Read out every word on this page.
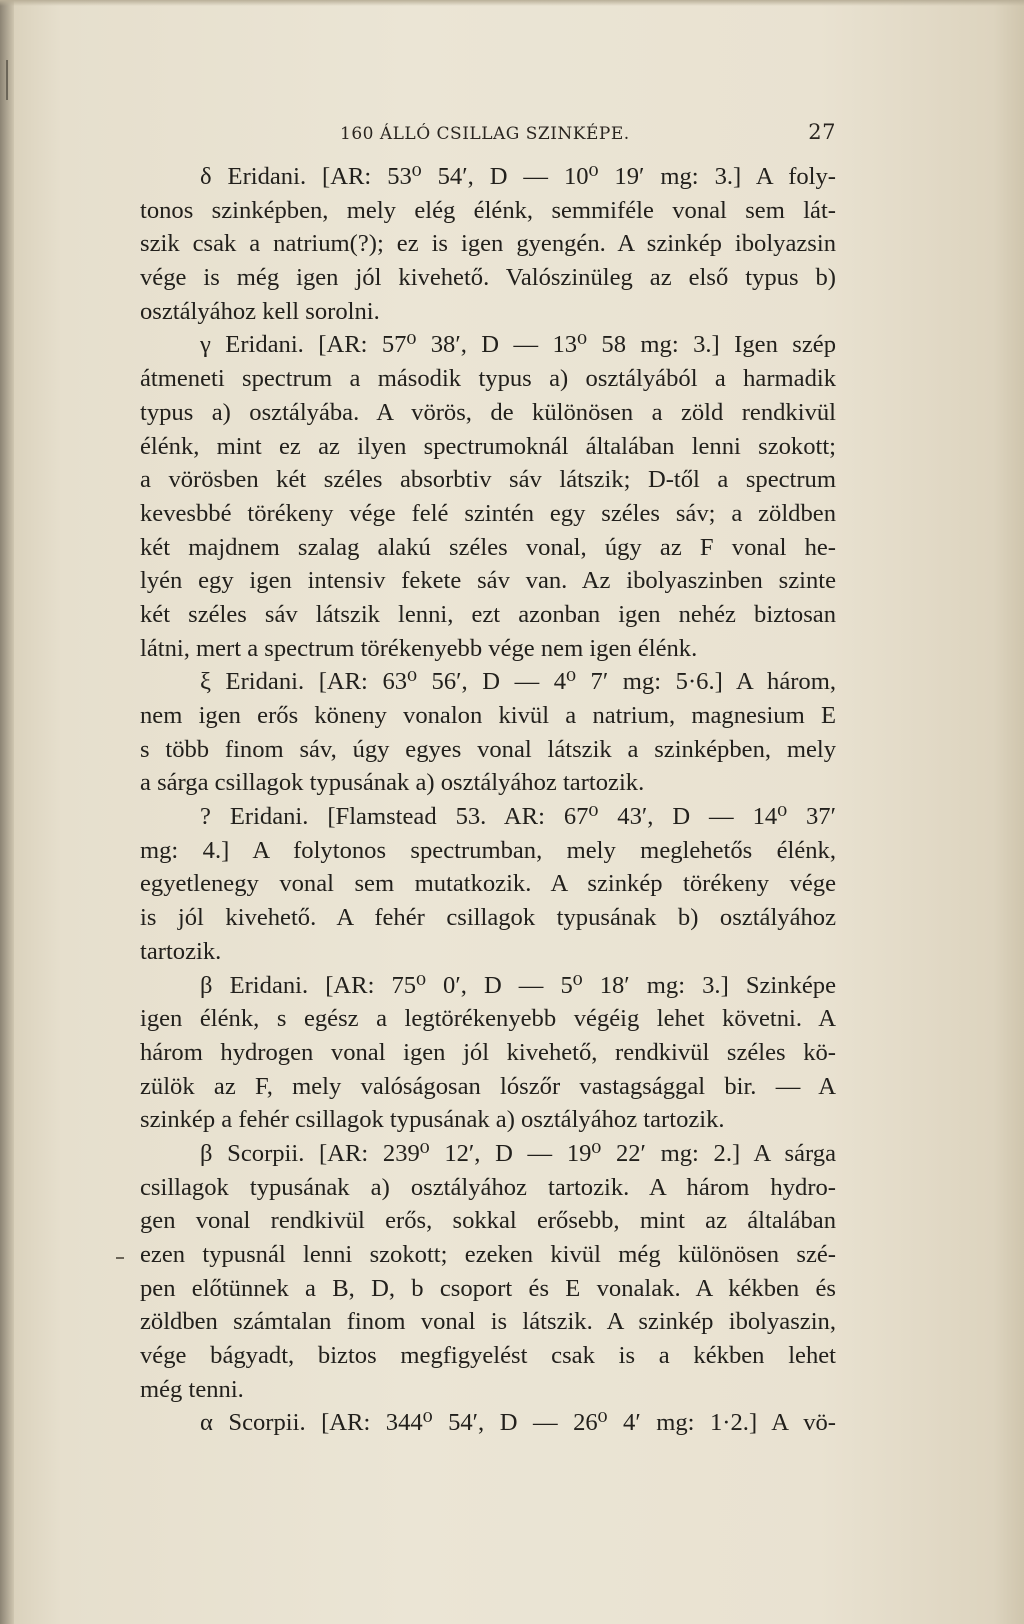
160 ÁLLÓ CSILLAG SZINKÉPE.	27
δ Eridani. [AR: 53⁰ 54′, D — 10⁰ 19′ mg: 3.] A foly-
tonos szinképben, mely elég élénk, semmiféle vonal sem lát-
szik csak a natrium(?); ez is igen gyengén. A szinkép ibolyazsin
vége is még igen jól kivehető. Valószinüleg az első typus b)
osztályához kell sorolni.
γ Eridani. [AR: 57⁰ 38′, D — 13⁰ 58 mg: 3.] Igen szép
átmeneti spectrum a második typus a) osztályából a harmadik
typus a) osztályába. A vörös, de különösen a zöld rendkivül
élénk, mint ez az ilyen spectrumoknál általában lenni szokott;
a vörösben két széles absorbtiv sáv látszik; D-től a spectrum
kevesbbé törékeny vége felé szintén egy széles sáv; a zöldben
két majdnem szalag alakú széles vonal, úgy az F vonal he-
lyén egy igen intensiv fekete sáv van. Az ibolyaszinben szinte
két széles sáv látszik lenni, ezt azonban igen nehéz biztosan
látni, mert a spectrum törékenyebb vége nem igen élénk.
ξ Eridani. [AR: 63⁰ 56′, D — 4⁰ 7′ mg: 5·6.] A három,
nem igen erős köneny vonalon kivül a natrium, magnesium E
s több finom sáv, úgy egyes vonal látszik a szinképben, mely
a sárga csillagok typusának a) osztályához tartozik.
? Eridani. [Flamstead 53. AR: 67⁰ 43′, D — 14⁰ 37′
mg: 4.] A folytonos spectrumban, mely meglehetős élénk,
egyetlenegy vonal sem mutatkozik. A szinkép törékeny vége
is jól kivehető. A fehér csillagok typusának b) osztályához
tartozik.
β Eridani. [AR: 75⁰ 0′, D — 5⁰ 18′ mg: 3.] Szinképe
igen élénk, s egész a legtörékenyebb végéig lehet követni. A
három hydrogen vonal igen jól kivehető, rendkivül széles kö-
zülök az F, mely valóságosan lószőr vastagsággal bir. — A
szinkép a fehér csillagok typusának a) osztályához tartozik.
β Scorpii. [AR: 239⁰ 12′, D — 19⁰ 22′ mg: 2.] A sárga
csillagok typusának a) osztályához tartozik. A három hydro-
gen vonal rendkivül erős, sokkal erősebb, mint az általában
ezen typusnál lenni szokott; ezeken kivül még különösen szé-
pen előtünnek a B, D, b csoport és E vonalak. A kékben és
zöldben számtalan finom vonal is látszik. A szinkép ibolyaszin,
vége bágyadt, biztos megfigyelést csak is a kékben lehet
még tenni.
α Scorpii. [AR: 344⁰ 54′, D — 26⁰ 4′ mg: 1·2.] A vö-
